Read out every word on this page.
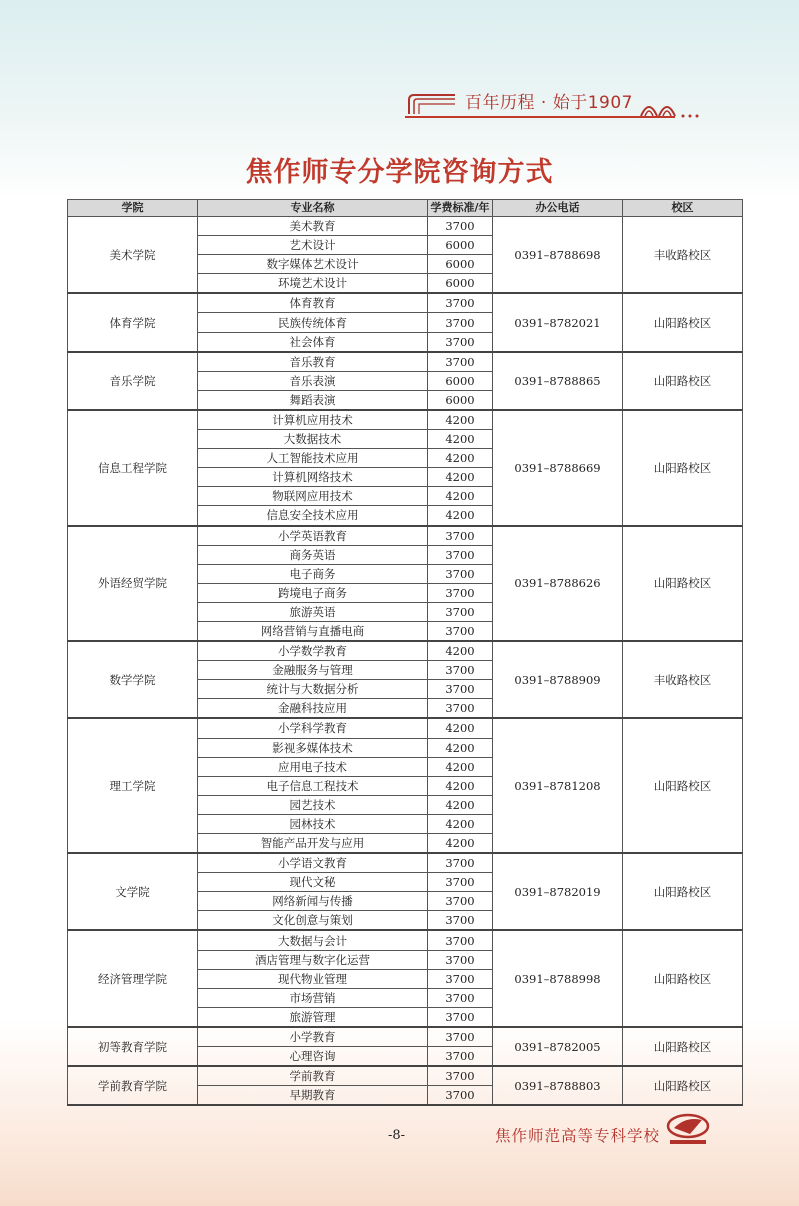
百年历程 · 始于1907
焦作师专分学院咨询方式
学院	专业名称	学费标准/年	办公电话	校区
美术学院	美术教育	3700	0391–8788698	丰收路校区
	艺术设计	6000		
	数字媒体艺术设计	6000		
	环境艺术设计	6000		
体育学院	体育教育	3700	0391–8782021	山阳路校区
	民族传统体育	3700		
	社会体育	3700		
音乐学院	音乐教育	3700	0391–8788865	山阳路校区
	音乐表演	6000		
	舞蹈表演	6000		
信息工程学院	计算机应用技术	4200	0391–8788669	山阳路校区
	大数据技术	4200		
	人工智能技术应用	4200		
	计算机网络技术	4200		
	物联网应用技术	4200		
	信息安全技术应用	4200		
外语经贸学院	小学英语教育	3700	0391–8788626	山阳路校区
	商务英语	3700		
	电子商务	3700		
	跨境电子商务	3700		
	旅游英语	3700		
	网络营销与直播电商	3700		
数学学院	小学数学教育	4200	0391–8788909	丰收路校区
	金融服务与管理	3700		
	统计与大数据分析	3700		
	金融科技应用	3700		
理工学院	小学科学教育	4200	0391–8781208	山阳路校区
	影视多媒体技术	4200		
	应用电子技术	4200		
	电子信息工程技术	4200		
	园艺技术	4200		
	园林技术	4200		
	智能产品开发与应用	4200		
文学院	小学语文教育	3700	0391–8782019	山阳路校区
	现代文秘	3700		
	网络新闻与传播	3700		
	文化创意与策划	3700		
经济管理学院	大数据与会计	3700	0391–8788998	山阳路校区
	酒店管理与数字化运营	3700		
	现代物业管理	3700		
	市场营销	3700		
	旅游管理	3700		
初等教育学院	小学教育	3700	0391–8782005	山阳路校区
	心理咨询	3700		
学前教育学院	学前教育	3700	0391–8788803	山阳路校区
	早期教育	3700		
-8-	焦作师范高等专科学校
